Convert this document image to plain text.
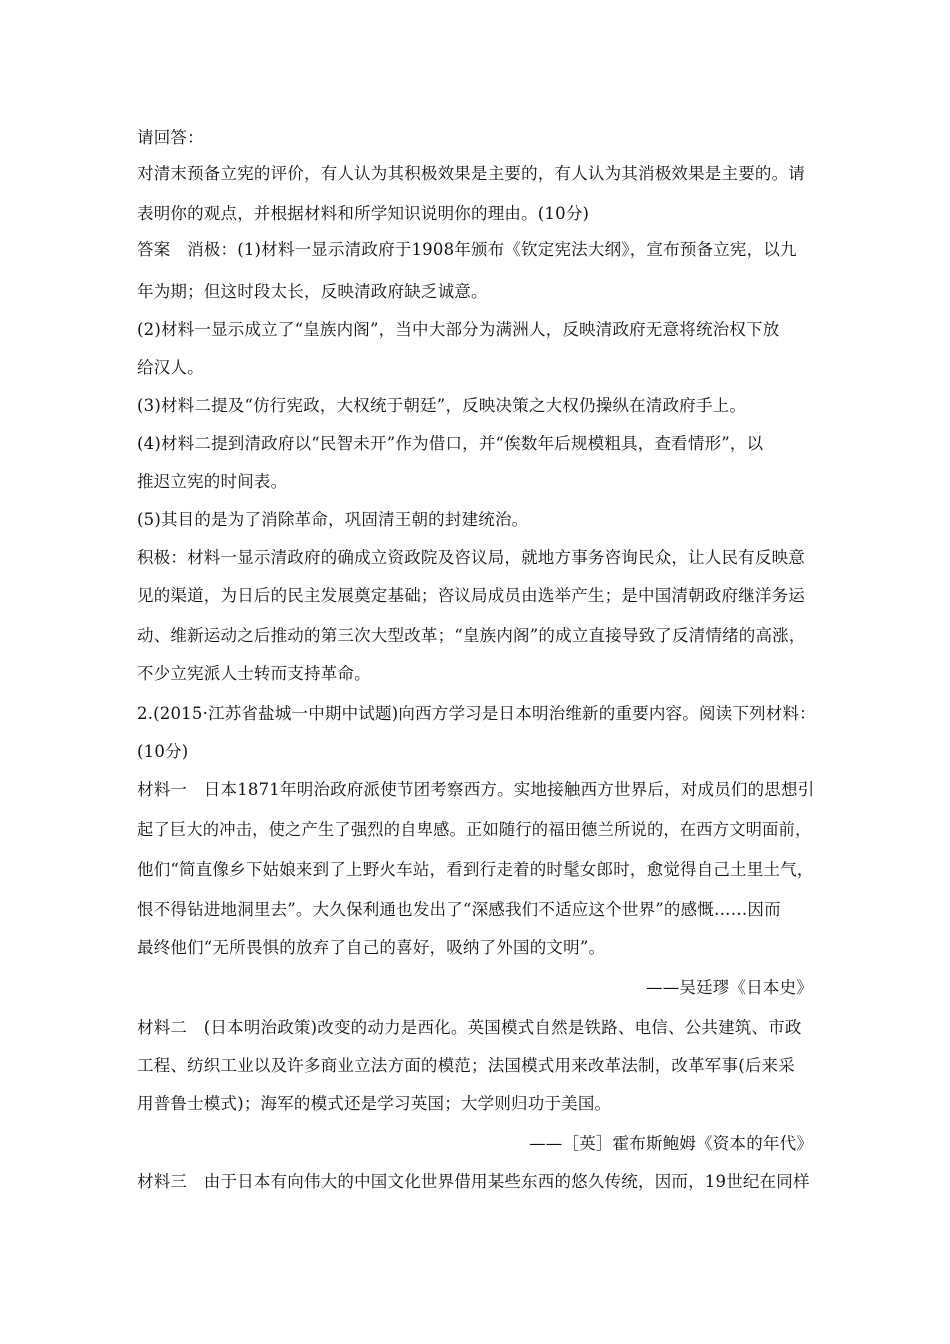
请回答：
对清末预备立宪的评价，有人认为其积极效果是主要的，有人认为其消极效果是主要的。请
表明你的观点，并根据材料和所学知识说明你的理由。(10分)
答案　消极：(1)材料一显示清政府于1908年颁布《钦定宪法大纲》，宣布预备立宪，以九
年为期；但这时段太长，反映清政府缺乏诚意。
(2)材料一显示成立了“皇族内阁”，当中大部分为满洲人，反映清政府无意将统治权下放
给汉人。
(3)材料二提及“仿行宪政，大权统于朝廷”，反映决策之大权仍操纵在清政府手上。
(4)材料二提到清政府以“民智未开”作为借口，并“俟数年后规模粗具，查看情形”，以
推迟立宪的时间表。
(5)其目的是为了消除革命，巩固清王朝的封建统治。
积极：材料一显示清政府的确成立资政院及咨议局，就地方事务咨询民众，让人民有反映意
见的渠道，为日后的民主发展奠定基础；咨议局成员由选举产生；是中国清朝政府继洋务运
动、维新运动之后推动的第三次大型改革；“皇族内阁”的成立直接导致了反清情绪的高涨，
不少立宪派人士转而支持革命。
2.(2015·江苏省盐城一中期中试题)向西方学习是日本明治维新的重要内容。阅读下列材料：
(10分)
材料一　日本1871年明治政府派使节团考察西方。实地接触西方世界后，对成员们的思想引
起了巨大的冲击，使之产生了强烈的自卑感。正如随行的福田德兰所说的，在西方文明面前，
他们“简直像乡下姑娘来到了上野火车站，看到行走着的时髦女郎时，愈觉得自己土里土气，
恨不得钻进地洞里去”。大久保利通也发出了“深感我们不适应这个世界”的感慨……因而
最终他们“无所畏惧的放弃了自己的喜好，吸纳了外国的文明”。
——吴廷璆《日本史》
材料二　(日本明治政策)改变的动力是西化。英国模式自然是铁路、电信、公共建筑、市政
工程、纺织工业以及许多商业立法方面的模范；法国模式用来改革法制，改革军事(后来采
用普鲁士模式)；海军的模式还是学习英国；大学则归功于美国。
——［英］霍布斯鲍姆《资本的年代》
材料三　由于日本有向伟大的中国文化世界借用某些东西的悠久传统，因而，19世纪在同样
